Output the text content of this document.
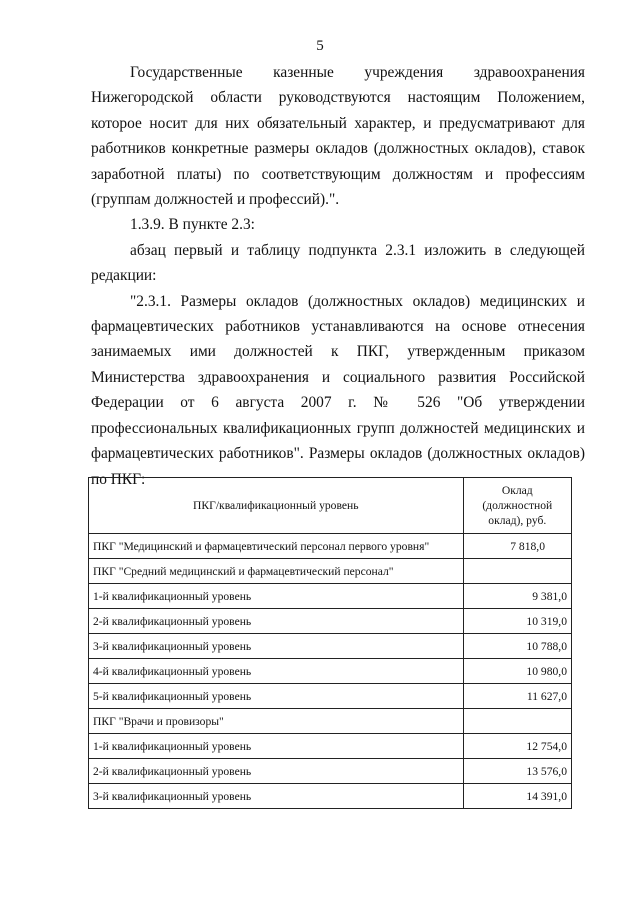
5

Государственные казенные учреждения здравоохранения Нижегородской области руководствуются настоящим Положением, которое носит для них обязательный характер, и предусматривают для работников конкретные размеры окладов (должностных окладов), ставок заработной платы) по соответствующим должностям и профессиям (группам должностей и профессий).".

1.3.9. В пункте 2.3:

абзац первый и таблицу подпункта 2.3.1 изложить в следующей редакции:

"2.3.1. Размеры окладов (должностных окладов) медицинских и фармацевтических работников устанавливаются на основе отнесения занимаемых ими должностей к ПКГ, утвержденным приказом Министерства здравоохранения и социального развития Российской Федерации от 6 августа 2007 г. № 526 "Об утверждении профессиональных квалификационных групп должностей медицинских и фармацевтических работников". Размеры окладов (должностных окладов) по ПКГ:

ПКГ/квалификационный уровень	Оклад (должностной оклад), руб.
ПКГ "Медицинский и фармацевтический персонал первого уровня"	7 818,0
ПКГ "Средний медицинский и фармацевтический персонал"	
1-й квалификационный уровень	9 381,0
2-й квалификационный уровень	10 319,0
3-й квалификационный уровень	10 788,0
4-й квалификационный уровень	10 980,0
5-й квалификационный уровень	11 627,0
ПКГ "Врачи и провизоры"	
1-й квалификационный уровень	12 754,0
2-й квалификационный уровень	13 576,0
3-й квалификационный уровень	14 391,0
